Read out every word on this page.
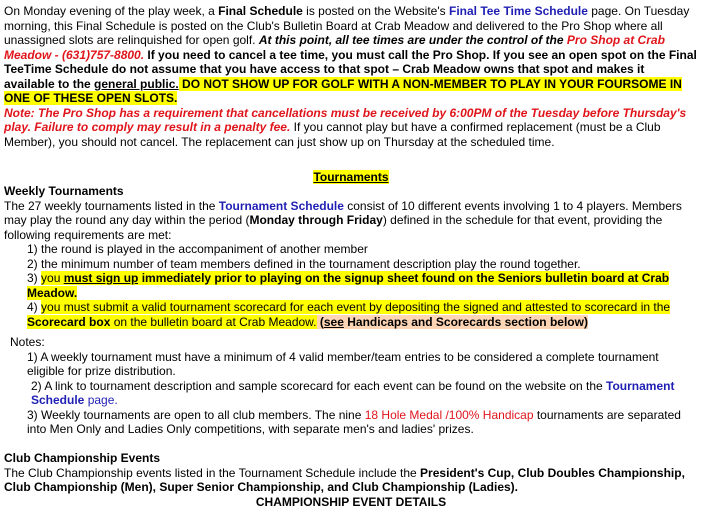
On Monday evening of the play week, a Final Schedule is posted on the Website's Final Tee Time Schedule page. On Tuesday morning, this Final Schedule is posted on the Club's Bulletin Board at Crab Meadow and delivered to the Pro Shop where all unassigned slots are relinquished for open golf. At this point, all tee times are under the control of the Pro Shop at Crab Meadow - (631)757-8800. If you need to cancel a tee time, you must call the Pro Shop. If you see an open spot on the Final TeeTime Schedule do not assume that you have access to that spot – Crab Meadow owns that spot and makes it available to the general public. DO NOT SHOW UP FOR GOLF WITH A NON-MEMBER TO PLAY IN YOUR FOURSOME IN ONE OF THESE OPEN SLOTS.

Note: The Pro Shop has a requirement that cancellations must be received by 6:00PM of the Tuesday before Thursday's play. Failure to comply may result in a penalty fee. If you cannot play but have a confirmed replacement (must be a Club Member), you should not cancel. The replacement can just show up on Thursday at the scheduled time.

Tournaments

Weekly Tournaments

The 27 weekly tournaments listed in the Tournament Schedule consist of 10 different events involving 1 to 4 players. Members may play the round any day within the period (Monday through Friday) defined in the schedule for that event, providing the following requirements are met:

1) the round is played in the accompaniment of another member

2) the minimum number of team members defined in the tournament description play the round together.

3) you must sign up immediately prior to playing on the signup sheet found on the Seniors bulletin board at Crab Meadow.

4) you must submit a valid tournament scorecard for each event by depositing the signed and attested to scorecard in the Scorecard box on the bulletin board at Crab Meadow. (see Handicaps and Scorecards section below)

Notes:

1) A weekly tournament must have a minimum of 4 valid member/team entries to be considered a complete tournament eligible for prize distribution.

2) A link to tournament description and sample scorecard for each event can be found on the website on the Tournament Schedule page.

3) Weekly tournaments are open to all club members. The nine 18 Hole Medal /100% Handicap tournaments are separated into Men Only and Ladies Only competitions, with separate men's and ladies' prizes.

Club Championship Events

The Club Championship events listed in the Tournament Schedule include the President's Cup, Club Doubles Championship, Club Championship (Men), Super Senior Championship, and Club Championship (Ladies).

CHAMPIONSHIP EVENT DETAILS
